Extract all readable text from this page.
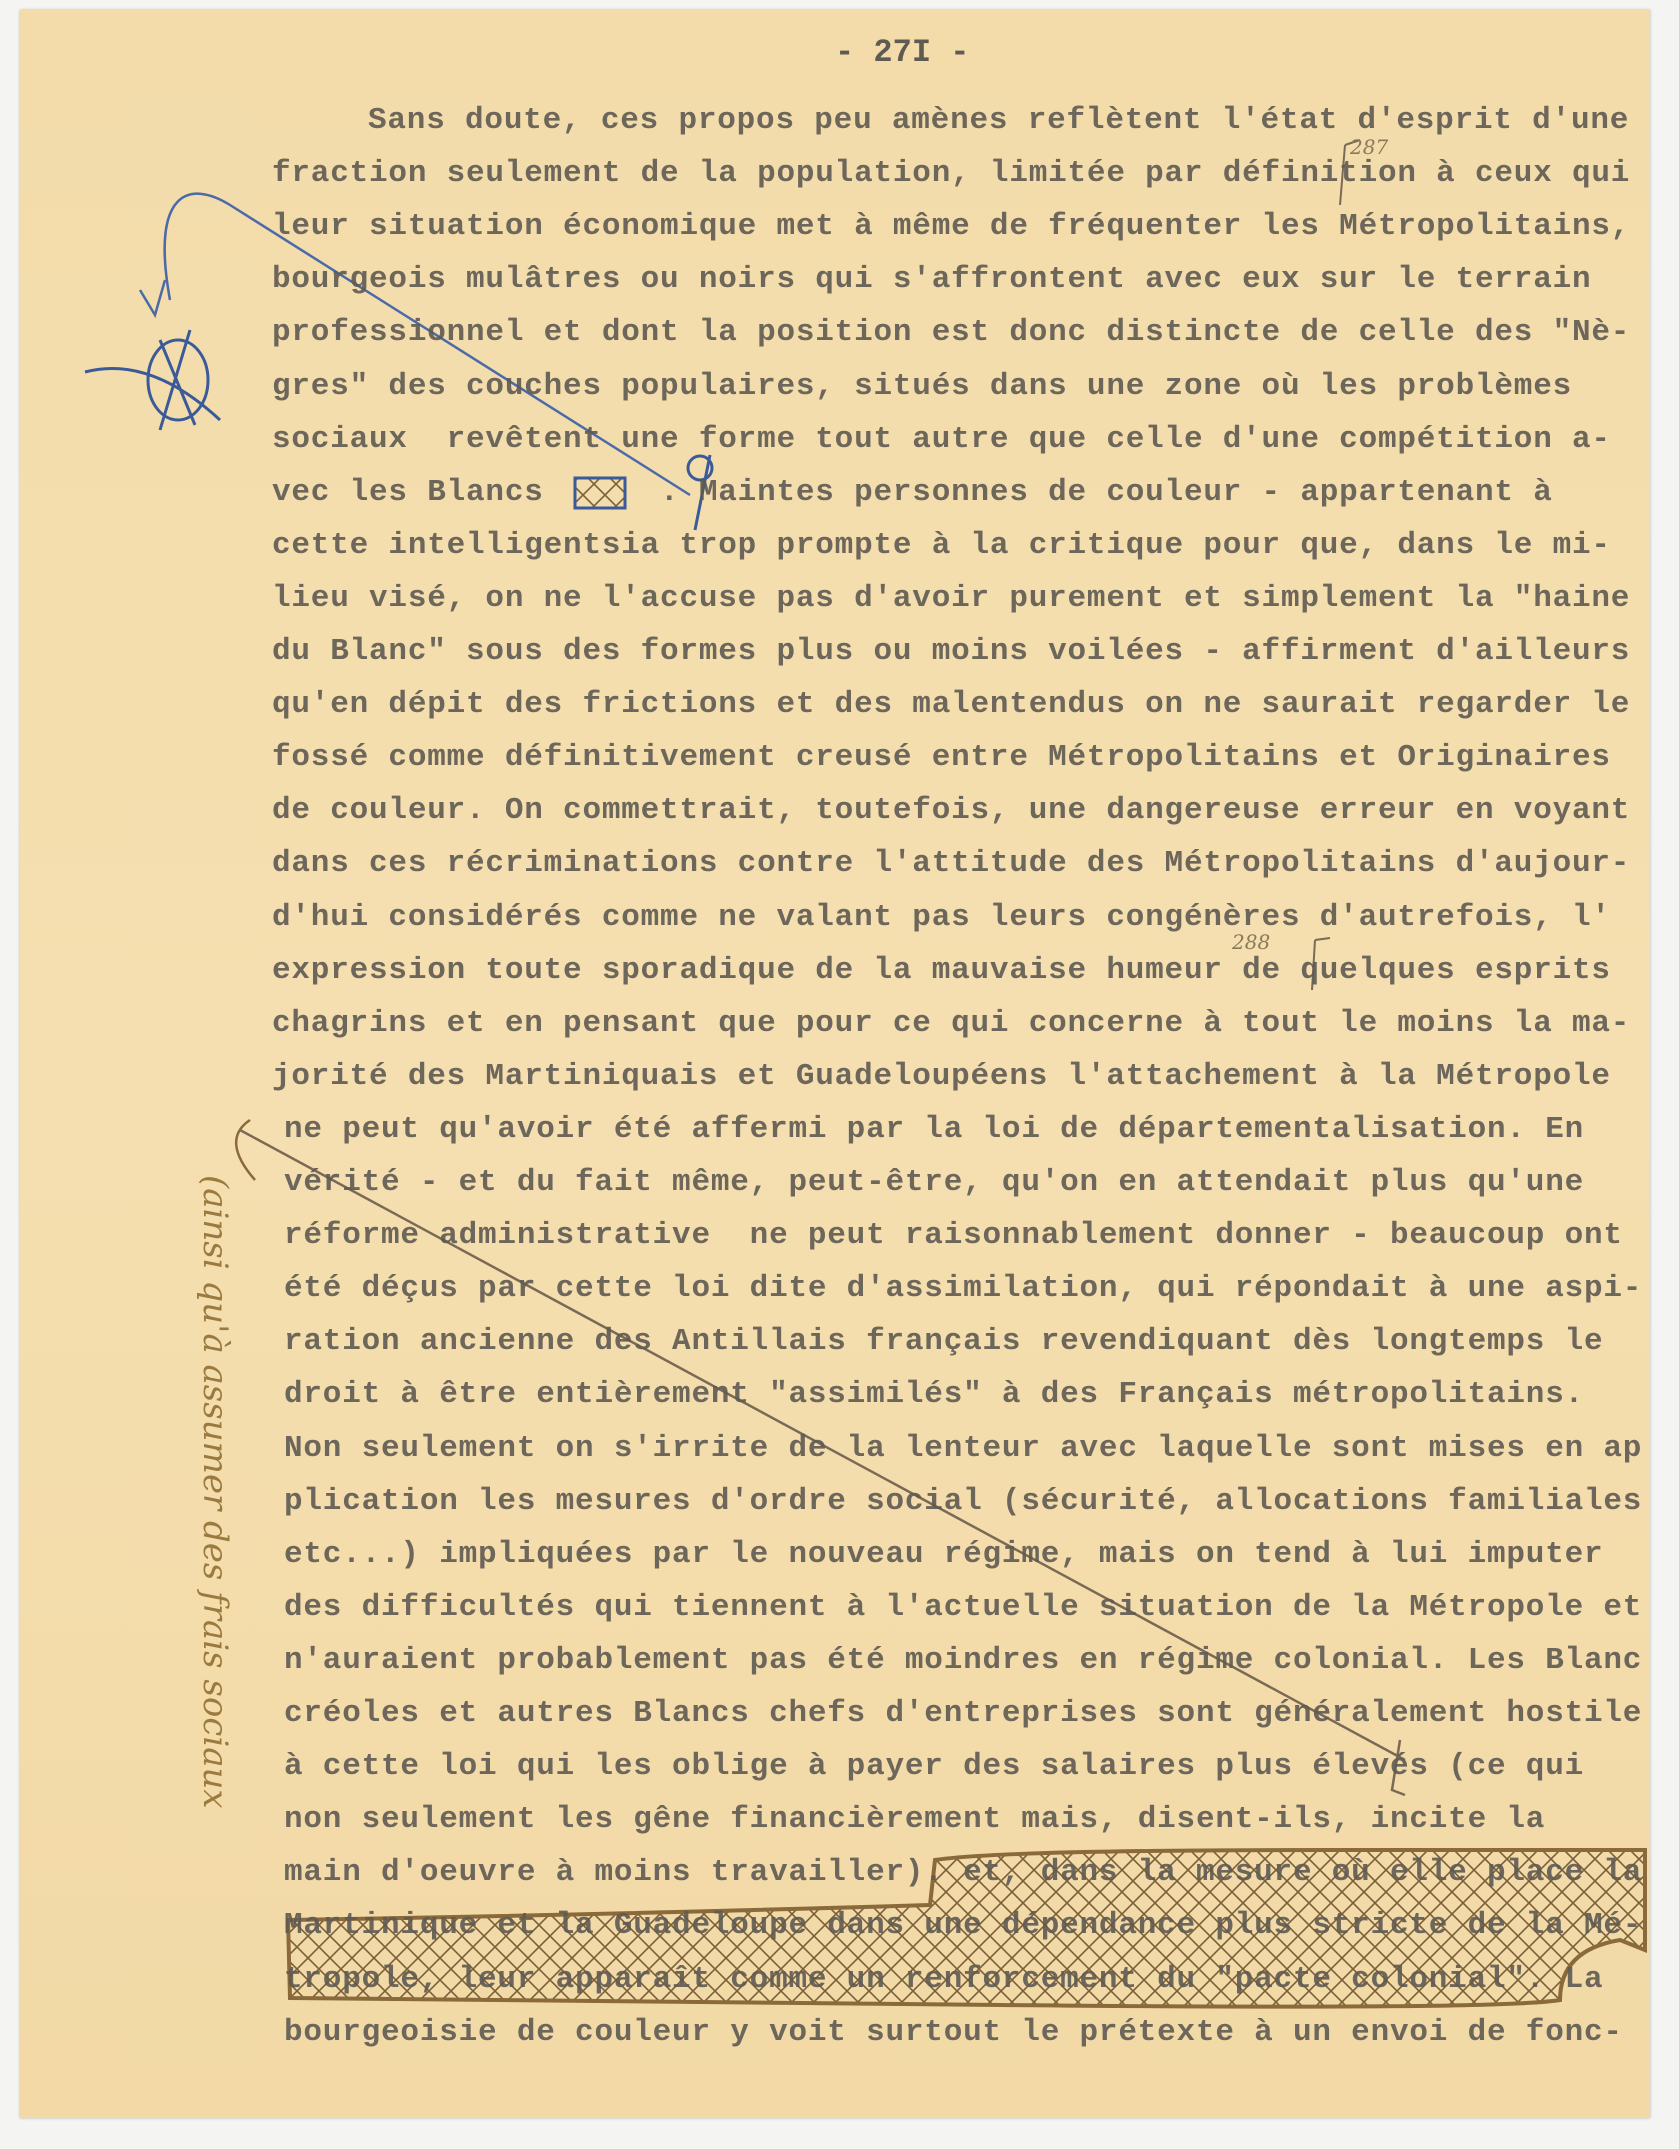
- 27I -
Sans doute, ces propos peu amènes reflètent l'état d'esprit d'une
fraction seulement de la population, limitée par définition à ceux qui
leur situation économique met à même de fréquenter les Métropolitains,
bourgeois mulâtres ou noirs qui s'affrontent avec eux sur le terrain
professionnel et dont la position est donc distincte de celle des "Nè-
gres" des couches populaires, situés dans une zone où les problèmes
sociaux  revêtent une forme tout autre que celle d'une compétition a-
vec les Blancs      . Maintes personnes de couleur - appartenant à
cette intelligentsia trop prompte à la critique pour que, dans le mi-
lieu visé, on ne l'accuse pas d'avoir purement et simplement la "haine
du Blanc" sous des formes plus ou moins voilées - affirment d'ailleurs
qu'en dépit des frictions et des malentendus on ne saurait regarder le
fossé comme définitivement creusé entre Métropolitains et Originaires
de couleur. On commettrait, toutefois, une dangereuse erreur en voyant
dans ces récriminations contre l'attitude des Métropolitains d'aujour-
d'hui considérés comme ne valant pas leurs congénères d'autrefois, l'
expression toute sporadique de la mauvaise humeur de quelques esprits
chagrins et en pensant que pour ce qui concerne à tout le moins la ma-
jorité des Martiniquais et Guadeloupéens l'attachement à la Métropole
ne peut qu'avoir été affermi par la loi de départementalisation. En
vérité - et du fait même, peut-être, qu'on en attendait plus qu'une
réforme administrative  ne peut raisonnablement donner - beaucoup ont
été déçus par cette loi dite d'assimilation, qui répondait à une aspi-
ration ancienne des Antillais français revendiquant dès longtemps le
droit à être entièrement "assimilés" à des Français métropolitains.
Non seulement on s'irrite de la lenteur avec laquelle sont mises en ap
plication les mesures d'ordre social (sécurité, allocations familiales
etc...) impliquées par le nouveau régime, mais on tend à lui imputer
des difficultés qui tiennent à l'actuelle situation de la Métropole et
n'auraient probablement pas été moindres en régime colonial. Les Blanc
créoles et autres Blancs chefs d'entreprises sont généralement hostile
à cette loi qui les oblige à payer des salaires plus élevés (ce qui
non seulement les gêne financièrement mais, disent-ils, incite la
main d'oeuvre à moins travailler). et, dans la mesure où elle place la
Martinique et la Guadeloupe dans une dépendance plus stricte de la Mé-
tropole, leur apparaît comme un renforcement du "pacte colonial". La
bourgeoisie de couleur y voit surtout le prétexte à un envoi de fonc-
(ainsi qu'à assumer des frais sociaux
287
288
